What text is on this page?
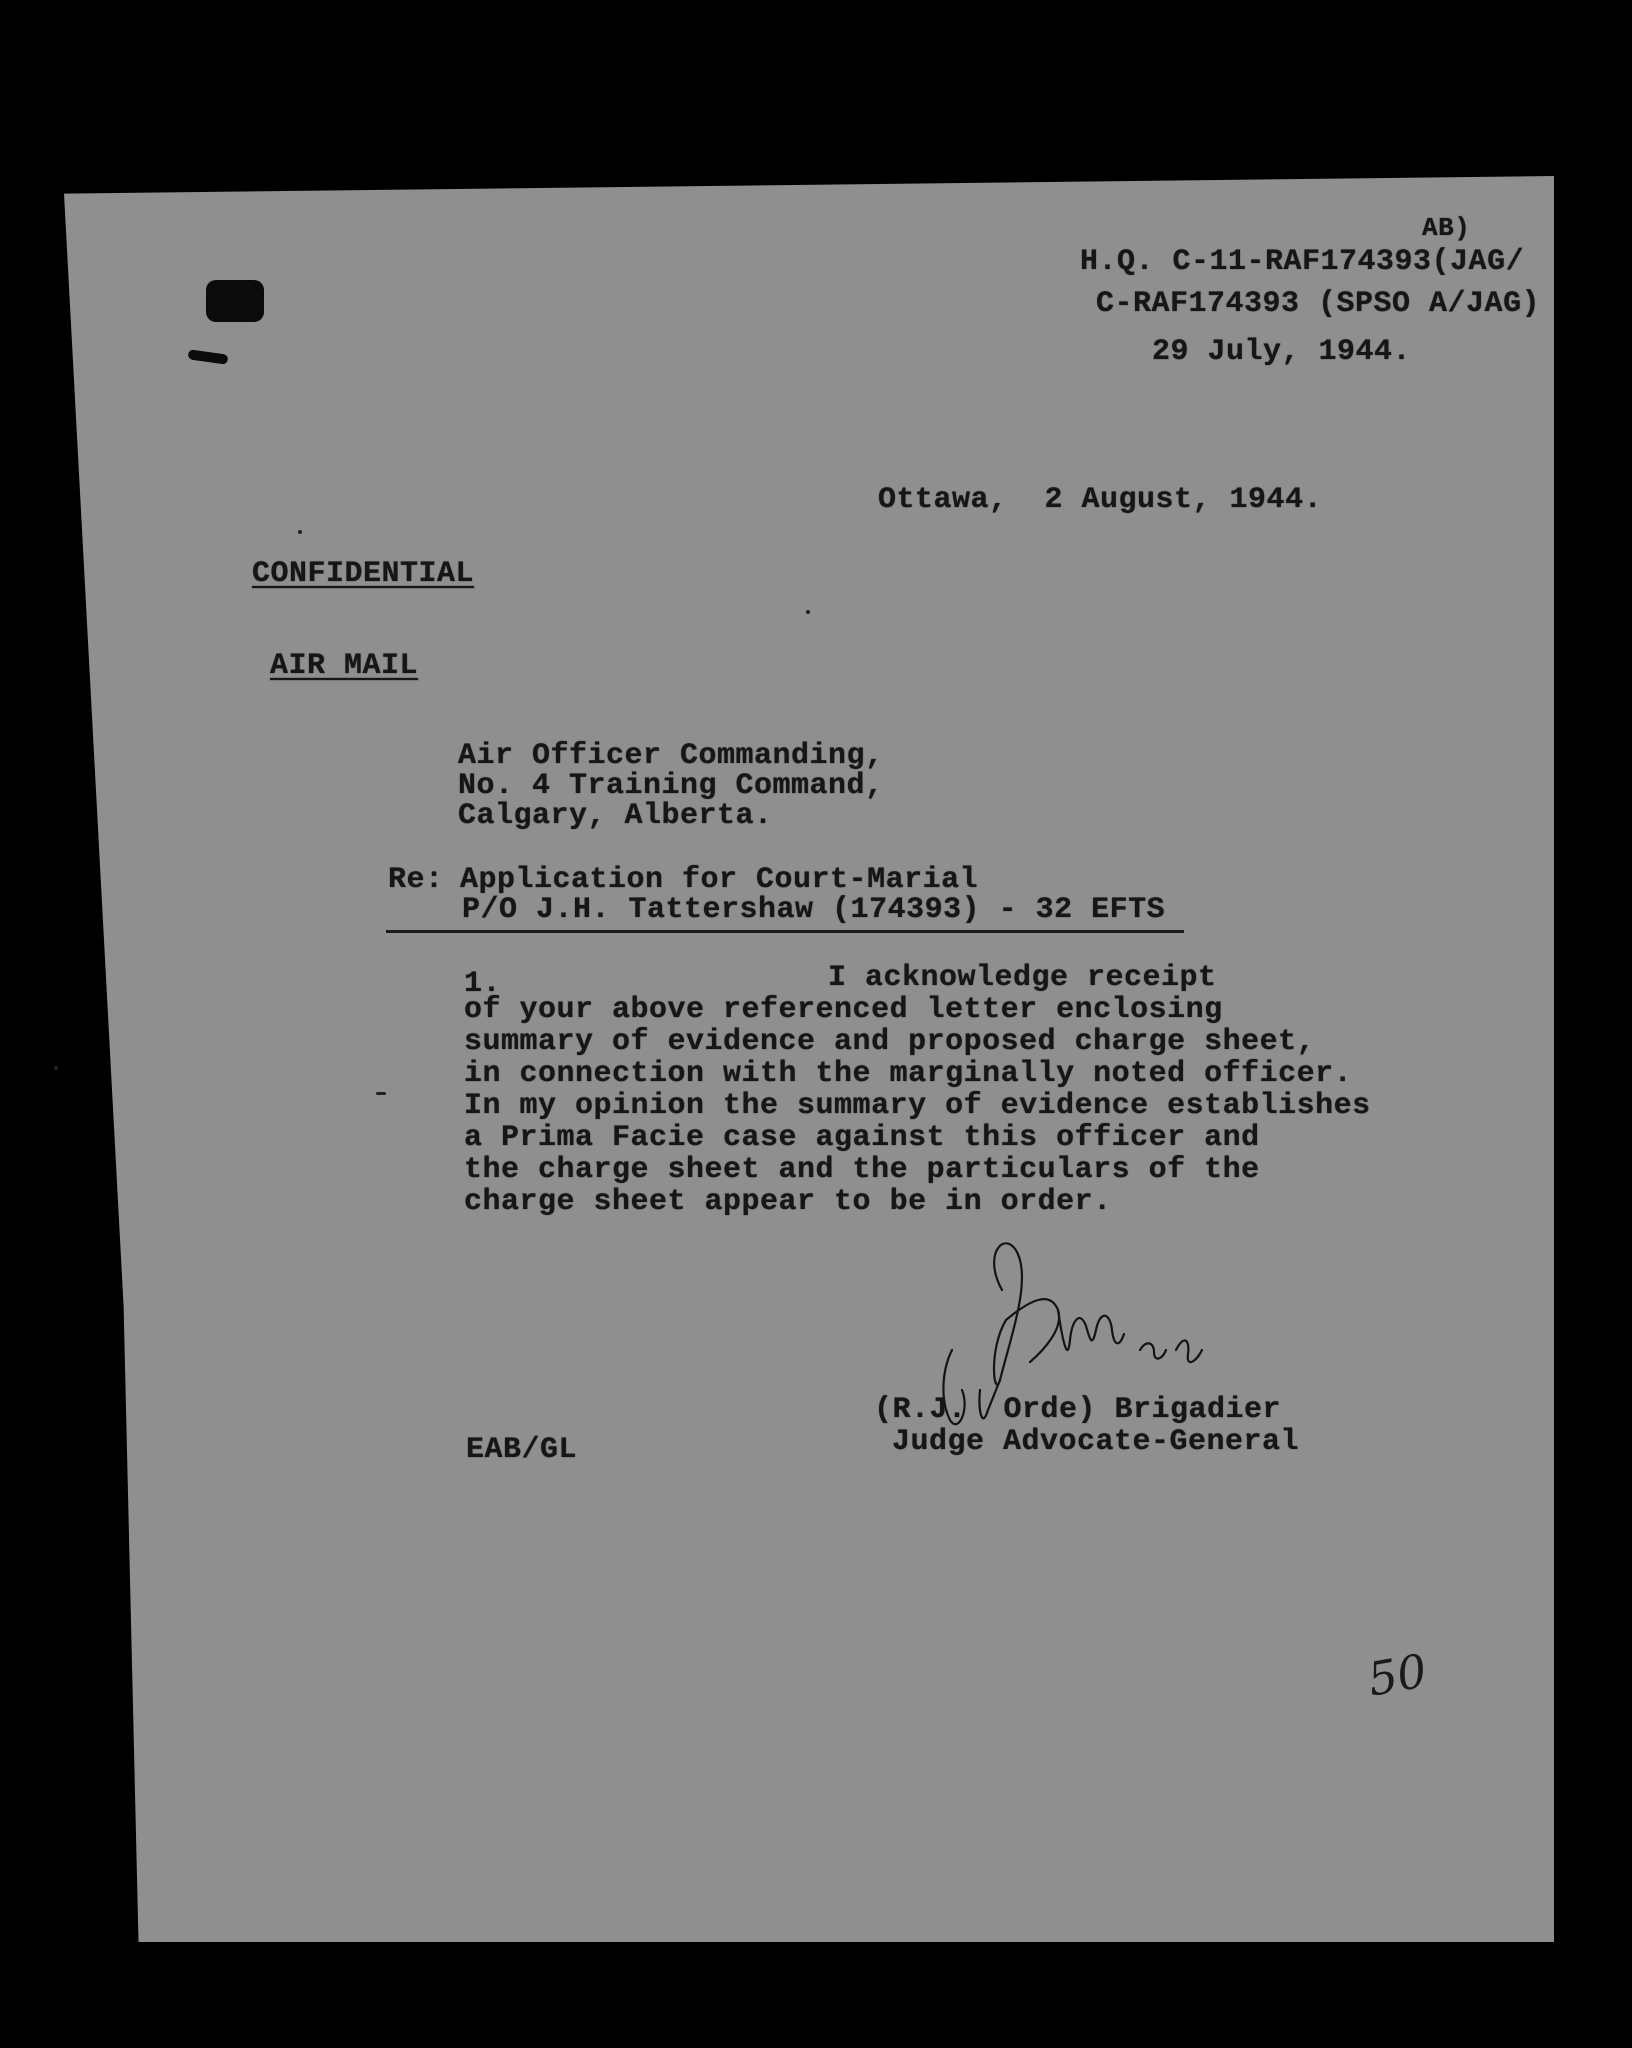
AB)
H.Q. C-11-RAF174393(JAG/
C-RAF174393 (SPSO A/JAG)
29 July, 1944.
Ottawa,  2 August, 1944.
CONFIDENTIAL
AIR MAIL
Air Officer Commanding,
No. 4 Training Command,
Calgary, Alberta.
Re: Application for Court-Marial
P/O J.H. Tattershaw (174393) - 32 EFTS
1.	I acknowledge receipt
of your above referenced letter enclosing
summary of evidence and proposed charge sheet,
in connection with the marginally noted officer.
In my opinion the summary of evidence establishes
a Prima Facie case against this officer and
the charge sheet and the particulars of the
charge sheet appear to be in order.
(R.J.  Orde) Brigadier
Judge Advocate-General
EAB/GL
50
